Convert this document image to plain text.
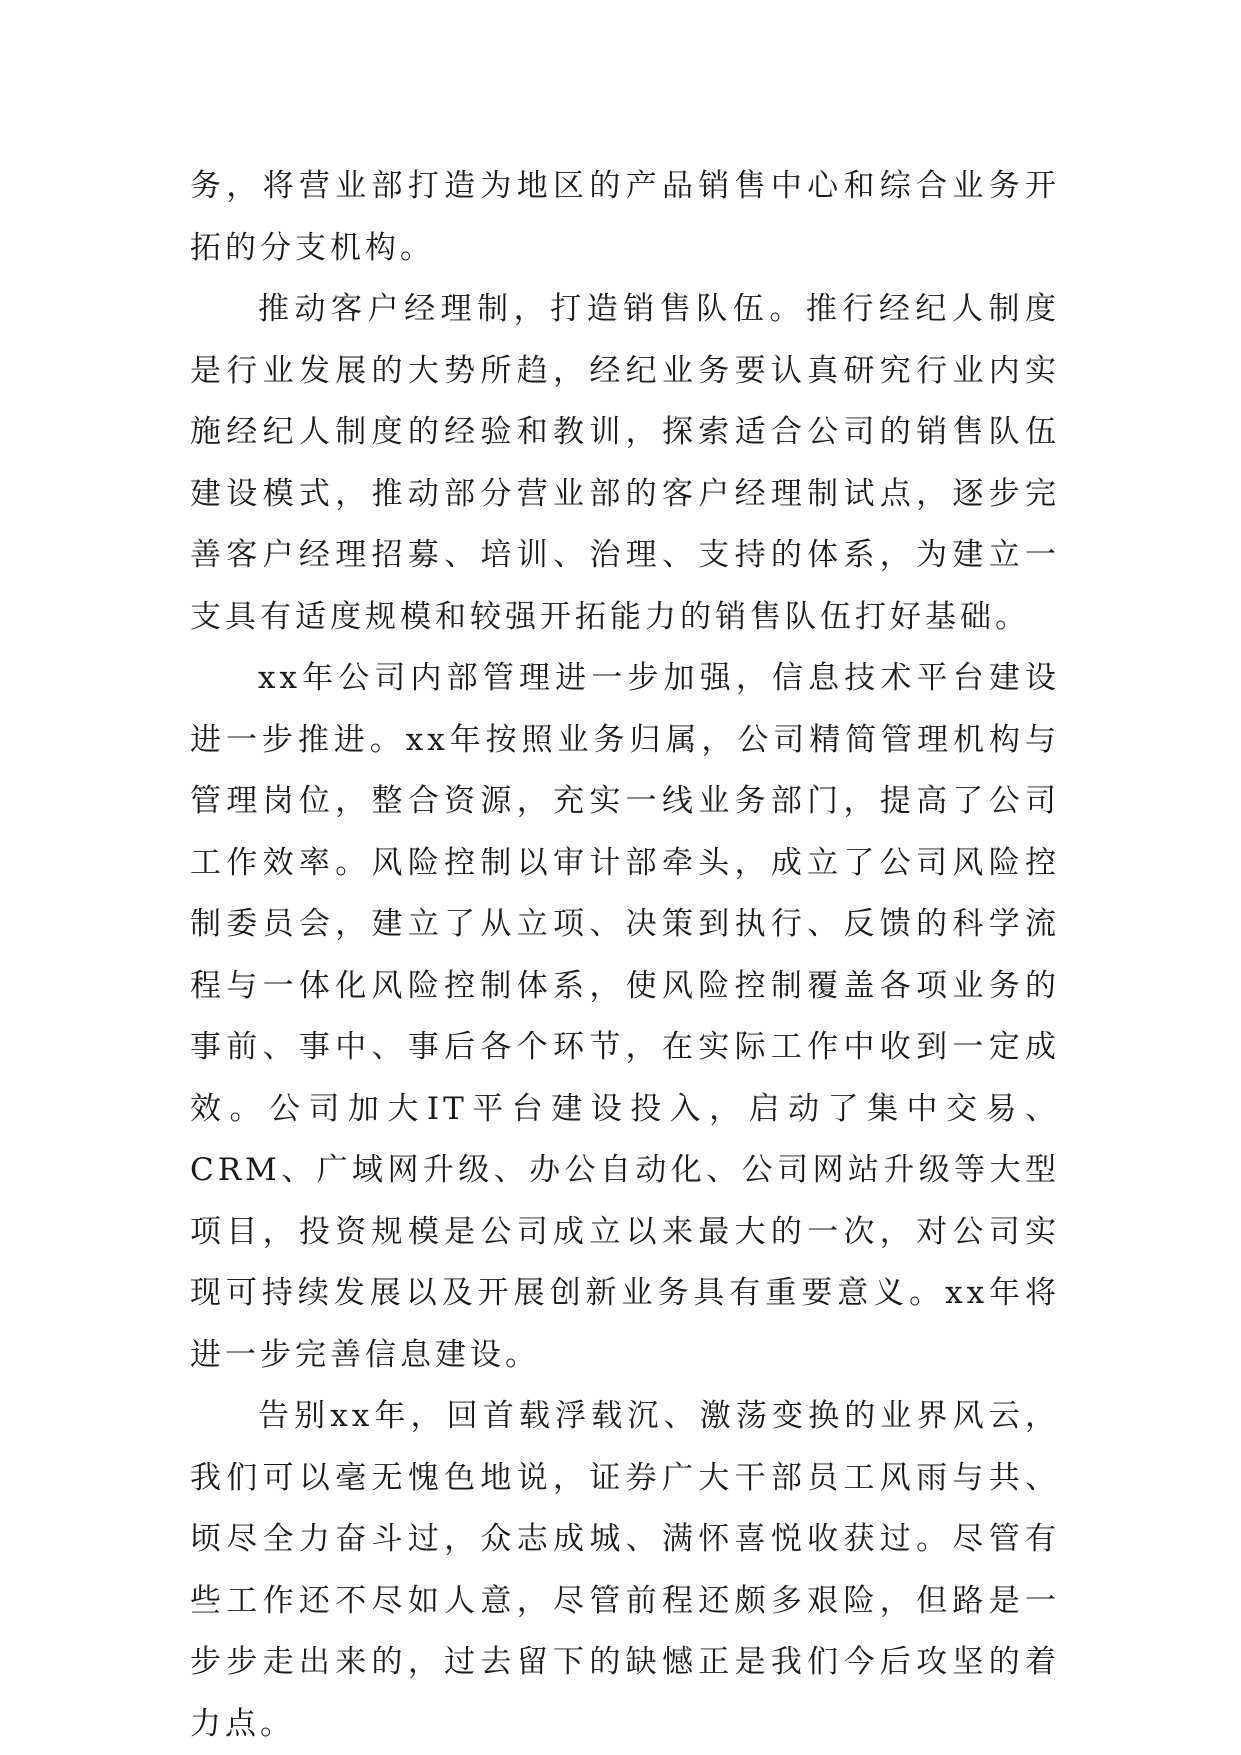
务，将营业部打造为地区的产品销售中心和综合业务开拓的分支机构。

推动客户经理制，打造销售队伍。推行经纪人制度是行业发展的大势所趋，经纪业务要认真研究行业内实施经纪人制度的经验和教训，探索适合公司的销售队伍建设模式，推动部分营业部的客户经理制试点，逐步完善客户经理招募、培训、治理、支持的体系，为建立一支具有适度规模和较强开拓能力的销售队伍打好基础。

xx年公司内部管理进一步加强，信息技术平台建设进一步推进。xx年按照业务归属，公司精简管理机构与管理岗位，整合资源，充实一线业务部门，提高了公司工作效率。风险控制以审计部牵头，成立了公司风险控制委员会，建立了从立项、决策到执行、反馈的科学流程与一体化风险控制体系，使风险控制覆盖各项业务的事前、事中、事后各个环节，在实际工作中收到一定成效。公司加大IT平台建设投入，启动了集中交易、CRM、广域网升级、办公自动化、公司网站升级等大型项目，投资规模是公司成立以来最大的一次，对公司实现可持续发展以及开展创新业务具有重要意义。xx年将进一步完善信息建设。

告别xx年，回首载浮载沉、激荡变换的业界风云，我们可以毫无愧色地说，证券广大干部员工风雨与共、顷尽全力奋斗过，众志成城、满怀喜悦收获过。尽管有些工作还不尽如人意，尽管前程还颇多艰险，但路是一步步走出来的，过去留下的缺憾正是我们今后攻坚的着力点。
